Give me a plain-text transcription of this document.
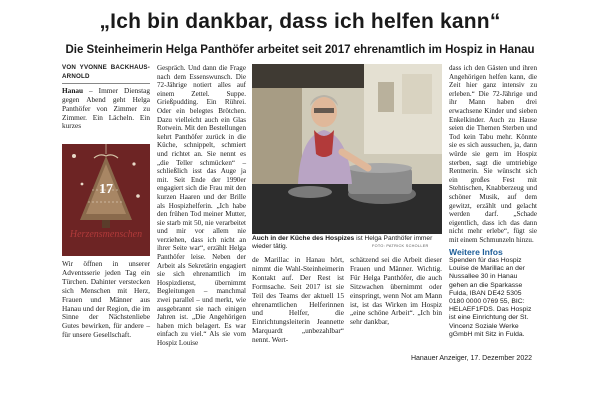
„Ich bin dankbar, dass ich helfen kann“
Die Steinheimerin Helga Panthöfer arbeitet seit 2017 ehrenamtlich im Hospiz in Hanau
VON YVONNE BACKHAUS-ARNOLD

Hanau – Immer Dienstag gegen Abend geht Helga Panthöfer von Zimmer zu Zimmer. Ein Lächeln. Ein kurzes

17
Herzensmenschen

Wir öffnen in unserer Adventsserie jeden Tag ein Türchen. Dahinter verstecken sich Menschen mit Herz, Frauen und Männer aus Hanau und der Region, die im Sinne der Nächstenliebe Gutes bewirken, für andere – für unsere Gesellschaft.

Gespräch. Und dann die Frage nach dem Essenswunsch. Die 72-Jährige notiert alles auf einem Zettel. Suppe. Grießpudding. Ein Rührei. Oder ein belegtes Brötchen. Dazu vielleicht auch ein Glas Rotwein. Mit den Bestellungen kehrt Panthöfer zurück in die Küche, schnippelt, schmiert und richtet an. Sie nennt es „die Teller schmücken“ – schließlich isst das Auge ja mit. Seit Ende der 1990er engagiert sich die Frau mit den kurzen Haaren und der Brille als Hospizhelferin. „Ich habe den frühen Tod meiner Mutter, sie starb mit 50, nie verarbeitet und mir vor allem nie verziehen, dass ich nicht an ihrer Seite war“, erzählt Helga Panthöfer leise. Neben der Arbeit als Sekretärin engagiert sie sich ehrenamtlich im Hospizdienst, übernimmt Begleitungen – manchmal zwei parallel – und merkt, wie ausgebrannt sie nach einigen Jahren ist. „Die Angehörigen haben mich belagert. Es war einfach zu viel.“ Als sie vom Hospiz Louise

Auch in der Küche des Hospizes ist Helga Panthöfer immer wieder tätig.	FOTO: PATRICK SCHOLLER

de Marillac in Hanau hört, nimmt die Wahl-Steinheimerin Kontakt auf. Der Rest ist Formsache. Seit 2017 ist sie Teil des Teams der aktuell 15 ehrenamtlichen Helferinnen und Helfer, die Einrichtungsleiterin Jeannette Marquardt „unbezahlbar“ nennt. Wert-

schätzend sei die Arbeit dieser Frauen und Männer. Wichtig. Für Helga Panthöfer, die auch Sitzwachen übernimmt oder einspringt, wenn Not am Mann ist, ist das Wirken im Hospiz „eine schöne Arbeit“. „Ich bin sehr dankbar,

dass ich den Gästen und ihren Angehörigen helfen kann, die Zeit hier ganz intensiv zu erleben.“ Die 72-Jährige und ihr Mann haben drei erwachsene Kinder und sieben Enkelkinder. Auch zu Hause seien die Themen Sterben und Tod kein Tabu mehr. Könnte sie es sich aussuchen, ja, dann würde sie gern im Hospiz sterben, sagt die umtriebige Rentnerin. Sie wünscht sich ein großes Fest mit Stehtischen, Knabberzeug und schöner Musik, auf dem gewitzt, erzählt und gelacht werden darf. „Schade eigentlich, dass ich das dann nicht mehr erlebe“, fügt sie mit einem Schmunzeln hinzu.

Weitere Infos

Spenden für das Hospiz Louise de Marillac an der Nussallee 30 in Hanau gehen an die Sparkasse Fulda, IBAN DE42 5305 0180 0000 0769 55, BIC: HELAEF1FDS. Das Hospiz ist eine Einrichtung der St. Vincenz Soziale Werke gGmbH mit Sitz in Fulda.

Hanauer Anzeiger, 17. Dezember 2022
